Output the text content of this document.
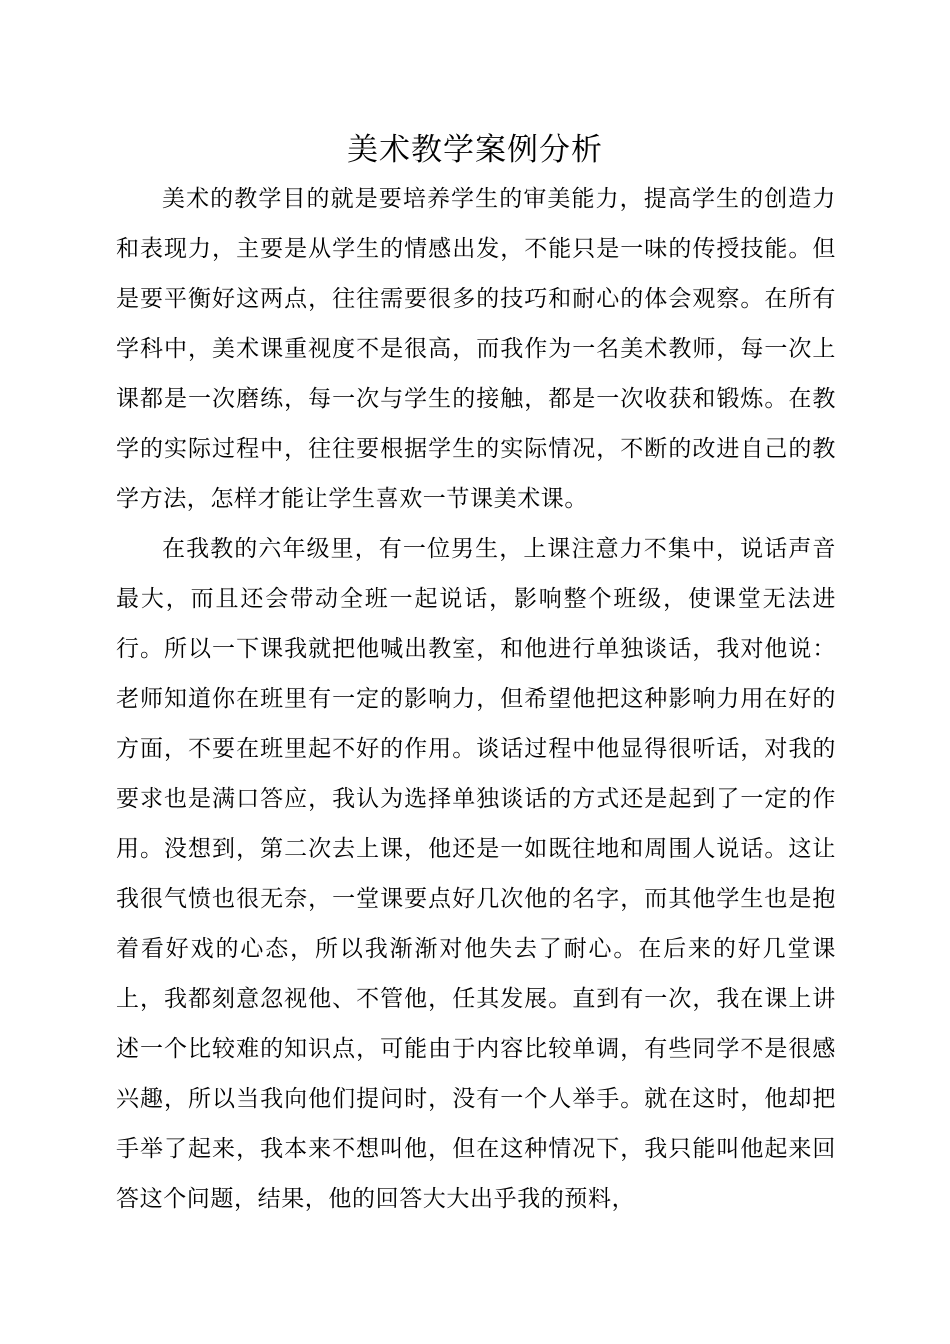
美术教学案例分析

美术的教学目的就是要培养学生的审美能力，提高学生的创造力和表现力，主要是从学生的情感出发，不能只是一味的传授技能。但是要平衡好这两点，往往需要很多的技巧和耐心的体会观察。在所有学科中，美术课重视度不是很高，而我作为一名美术教师，每一次上课都是一次磨练，每一次与学生的接触，都是一次收获和锻炼。在教学的实际过程中，往往要根据学生的实际情况，不断的改进自己的教学方法，怎样才能让学生喜欢一节课美术课。

在我教的六年级里，有一位男生，上课注意力不集中，说话声音最大，而且还会带动全班一起说话，影响整个班级，使课堂无法进行。所以一下课我就把他喊出教室，和他进行单独谈话，我对他说：老师知道你在班里有一定的影响力，但希望他把这种影响力用在好的方面，不要在班里起不好的作用。谈话过程中他显得很听话，对我的要求也是满口答应，我认为选择单独谈话的方式还是起到了一定的作用。没想到，第二次去上课，他还是一如既往地和周围人说话。这让我很气愤也很无奈，一堂课要点好几次他的名字，而其他学生也是抱着看好戏的心态，所以我渐渐对他失去了耐心。在后来的好几堂课上，我都刻意忽视他、不管他，任其发展。直到有一次，我在课上讲述一个比较难的知识点，可能由于内容比较单调，有些同学不是很感兴趣，所以当我向他们提问时，没有一个人举手。就在这时，他却把手举了起来，我本来不想叫他，但在这种情况下，我只能叫他起来回答这个问题，结果，他的回答大大出乎我的预料，
